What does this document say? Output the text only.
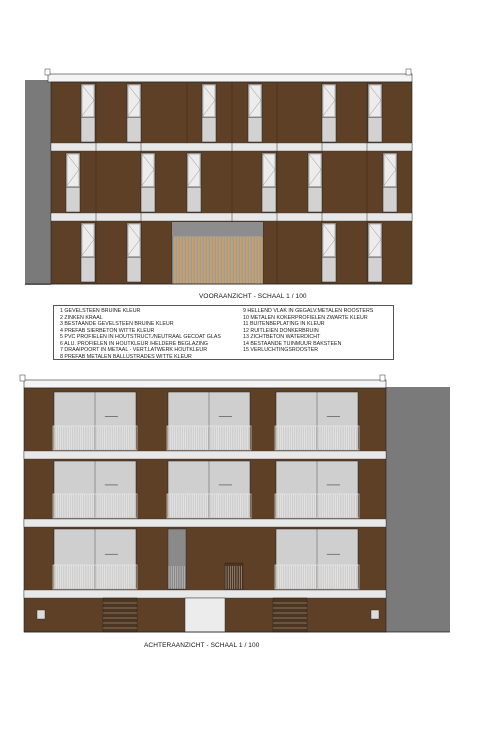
VOORAANZICHT - SCHAAL 1 / 100
1 GEVELSTEEN BRUINE KLEUR
2 ZINKEN KRAAL
3 BESTAANDE GEVELSTEEN BRUINE KLEUR
4 PREFAB SIERBETON WITTE KLEUR
5 PVC PROFIELEN IN HOUTSTRUCT./NEUTRAAL GECOAT GLAS
6 ALU. PROFIELEN IN HOUTKLEUR /HELDERE BEGLAZING
7 DRAAIPOORT IN METAAL - VERT.LATWERK HOUTKLEUR
8 PREFAB METALEN BALLUSTRADES WITTE KLEUR
9 HELLEND VLAK IN GEGALV.METALEN ROOSTERS
10 METALEN KOKERPROFIELEN ZWARTE KLEUR
11 BUITENBEPLATING IN KLEUR
12 RUITLEIEN DONKERBRUIN
13 ZICHTBETON WATERDICHT
14 BESTAANDE TUINMUUR BAKSTEEN
15 VERLUCHTINGSROOSTER
ACHTERAANZICHT - SCHAAL 1 / 100
